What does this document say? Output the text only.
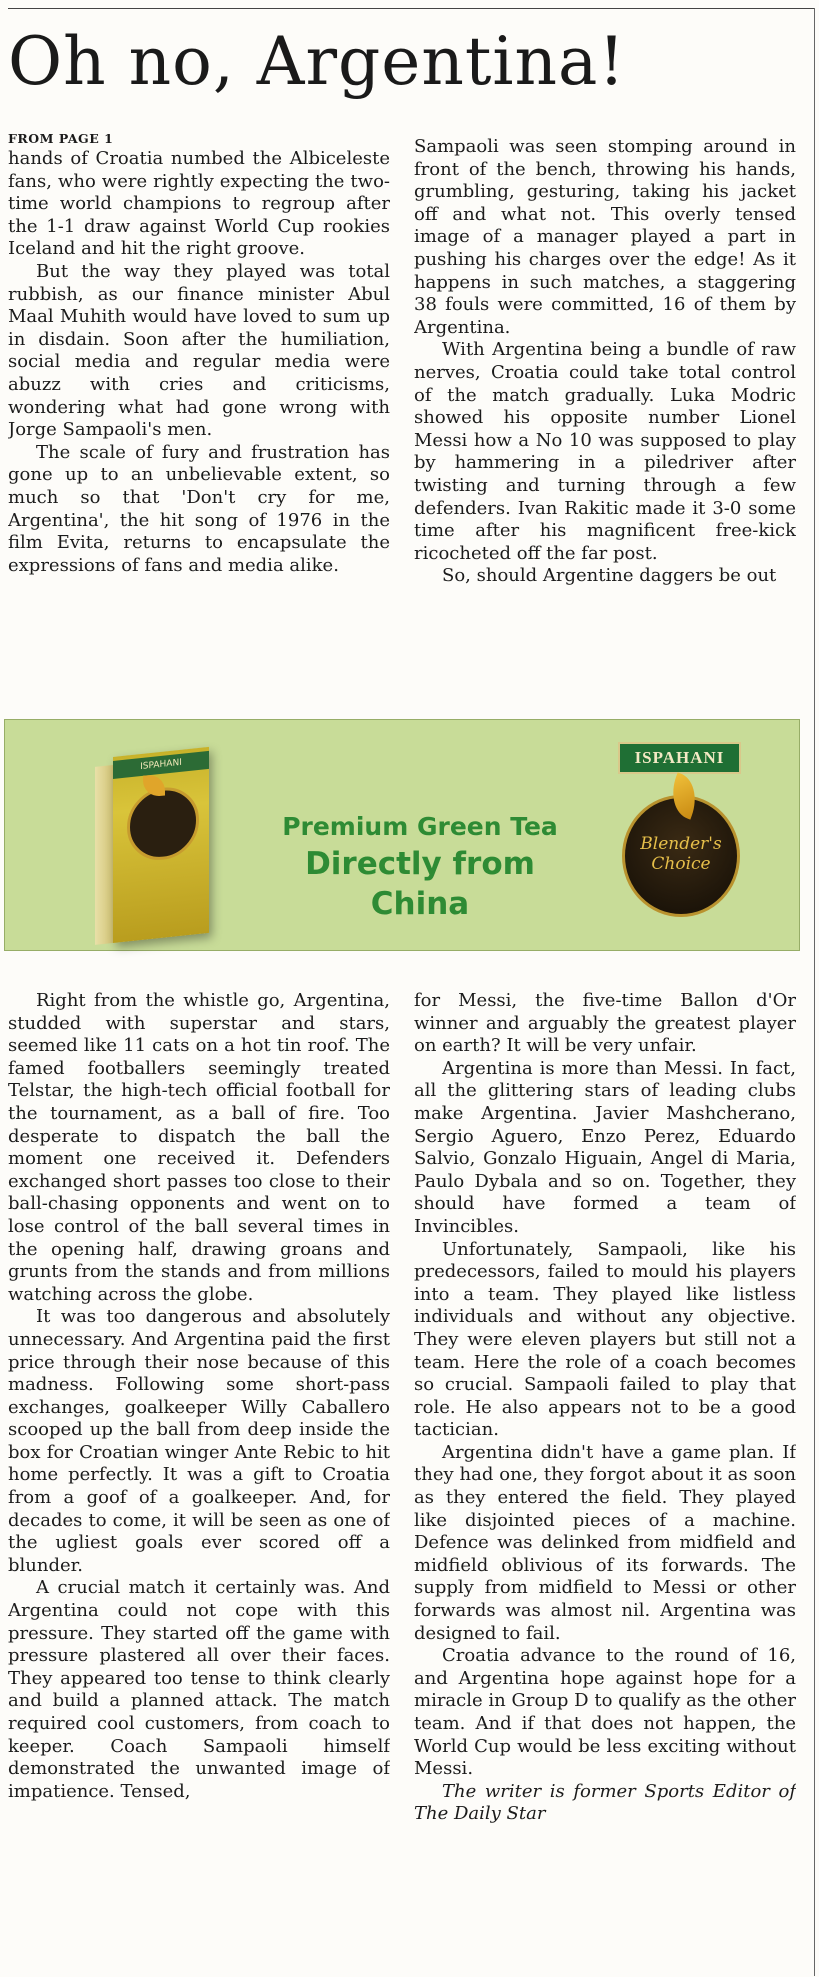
Oh no, Argentina!

FROM PAGE 1
hands of Croatia numbed the Albiceleste fans, who were rightly expecting the two-time world champions to regroup after the 1-1 draw against World Cup rookies Iceland and hit the right groove.

But the way they played was total rubbish, as our finance minister Abul Maal Muhith would have loved to sum up in disdain. Soon after the humiliation, social media and regular media were abuzz with cries and criticisms, wondering what had gone wrong with Jorge Sampaoli's men.

The scale of fury and frustration has gone up to an unbelievable extent, so much so that 'Don't cry for me, Argentina', the hit song of 1976 in the film Evita, returns to encapsulate the expressions of fans and media alike.

Sampaoli was seen stomping around in front of the bench, throwing his hands, grumbling, gesturing, taking his jacket off and what not. This overly tensed image of a manager played a part in pushing his charges over the edge! As it happens in such matches, a staggering 38 fouls were committed, 16 of them by Argentina.

With Argentina being a bundle of raw nerves, Croatia could take total control of the match gradually. Luka Modric showed his opposite number Lionel Messi how a No 10 was supposed to play by hammering in a piledriver after twisting and turning through a few defenders. Ivan Rakitic made it 3-0 some time after his magnificent free-kick ricocheted off the far post.

So, should Argentine daggers be out

ISPAHANI
Premium Green Tea
Directly from China
ISPAHANI
Blender's
Choice

Right from the whistle go, Argentina, studded with superstar and stars, seemed like 11 cats on a hot tin roof. The famed footballers seemingly treated Telstar, the high-tech official football for the tournament, as a ball of fire. Too desperate to dispatch the ball the moment one received it. Defenders exchanged short passes too close to their ball-chasing opponents and went on to lose control of the ball several times in the opening half, drawing groans and grunts from the stands and from millions watching across the globe.

It was too dangerous and absolutely unnecessary. And Argentina paid the first price through their nose because of this madness. Following some short-pass exchanges, goalkeeper Willy Caballero scooped up the ball from deep inside the box for Croatian winger Ante Rebic to hit home perfectly. It was a gift to Croatia from a goof of a goalkeeper. And, for decades to come, it will be seen as one of the ugliest goals ever scored off a blunder.

A crucial match it certainly was. And Argentina could not cope with this pressure. They started off the game with pressure plastered all over their faces. They appeared too tense to think clearly and build a planned attack. The match required cool customers, from coach to keeper. Coach Sampaoli himself demonstrated the unwanted image of impatience. Tensed,

for Messi, the five-time Ballon d'Or winner and arguably the greatest player on earth? It will be very unfair.

Argentina is more than Messi. In fact, all the glittering stars of leading clubs make Argentina. Javier Mashcherano, Sergio Aguero, Enzo Perez, Eduardo Salvio, Gonzalo Higuain, Angel di Maria, Paulo Dybala and so on. Together, they should have formed a team of Invincibles.

Unfortunately, Sampaoli, like his predecessors, failed to mould his players into a team. They played like listless individuals and without any objective. They were eleven players but still not a team. Here the role of a coach becomes so crucial. Sampaoli failed to play that role. He also appears not to be a good tactician.

Argentina didn't have a game plan. If they had one, they forgot about it as soon as they entered the field. They played like disjointed pieces of a machine. Defence was delinked from midfield and midfield oblivious of its forwards. The supply from midfield to Messi or other forwards was almost nil. Argentina was designed to fail.

Croatia advance to the round of 16, and Argentina hope against hope for a miracle in Group D to qualify as the other team. And if that does not happen, the World Cup would be less exciting without Messi.

The writer is former Sports Editor of The Daily Star
